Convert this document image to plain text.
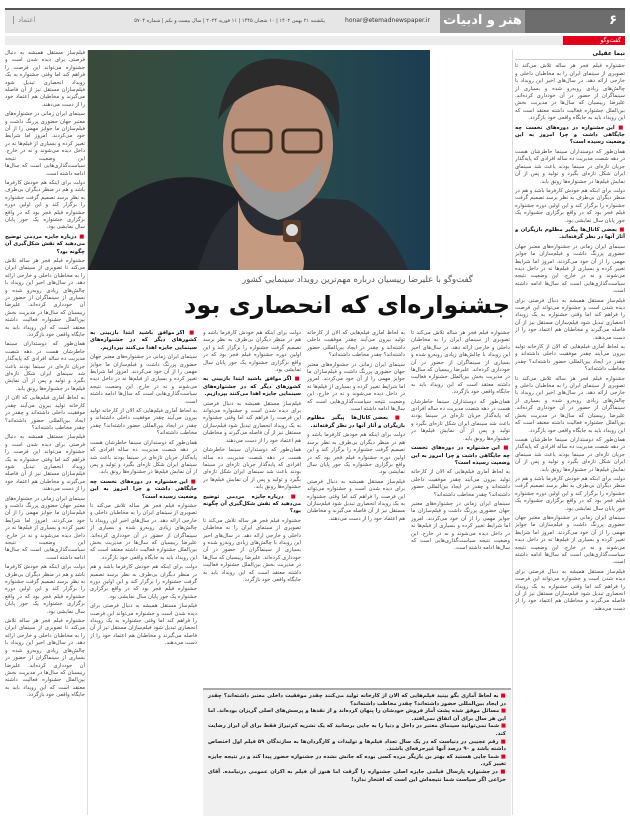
۶
هنر و ادبیات
honar@etemadnewspaper.ir
یکشنبه ۲۱ بهمن ۱۴۰۲ | ۱۰ شعبان ۱۴۴۵ | ۱۱ فوریه ۲۰۲۴ | سال بیست و یکم | شماره ۵۷۰۴
اعتماد
گفت‌وگو
گفت‌وگو با علیرضا رییسیان درباره مهم‌ترین رویداد سینمایی کشور
جشنواره‌ای که انحصاری بود
نیما عقیلی

جشنواره فیلم فجر هر ساله تلاش می‌کند تا تصویری از سینمای ایران را به مخاطبان داخلی و خارجی ارائه دهد. در سال‌های اخیر این رویداد با چالش‌های زیادی روبه‌رو شده و بسیاری از سینماگران از حضور در آن خودداری کرده‌اند. علیرضا رییسیان که سال‌ها در مدیریت بخش بین‌الملل جشنواره فعالیت داشته معتقد است که این رویداد باید به جایگاه واقعی خود بازگردد.

■ این جشنواره در دوره‌های نخست چه جایگاهی داشت و چرا امروز به این وضعیت رسیده است؟

همان‌طور که دوستداران سینما خاطرشان هست در دهه شصت مدیریت ده ساله افرادی که پایه‌گذار جریان تازه‌ای در سینما بودند باعث شد سینمای ایران شکل تازه‌ای بگیرد و تولید و پس از آن نمایش فیلم‌ها در جشنواره‌ها رونق یابد.

دولت برای اینکه هم خودش کارفرما باشد و هم در منظر دیگران بی‌طرف به نظر برسد تصمیم گرفت جشنواره را برگزار کند و این اولین دوره جشنواره فیلم فجر بود که در واقع برگزاری جشنواره یک جور پایان سال نمایشی بود.

■ بعضی کانال‌ها پیگیر مظلوم بازیگران و آثار آنها در نظر گرفته‌اند.

سینمای ایران زمانی در جشنواره‌های معتبر جهان حضوری پررنگ داشت و فیلم‌سازان ما جوایز مهمی را از آن خود می‌کردند. امروز اما شرایط تغییر کرده و بسیاری از فیلم‌ها نه در داخل دیده می‌شوند و نه در خارج. این وضعیت نتیجه سیاست‌گذاری‌هایی است که سال‌ها ادامه داشته است.

فیلم‌ساز مستقل همیشه به دنبال فرصتی برای دیده شدن است و جشنواره می‌تواند این فرصت را فراهم کند اما وقتی جشنواره به یک رویداد انحصاری تبدیل شود فیلم‌سازان مستقل نیز از آن فاصله می‌گیرند و مخاطبان هم اعتماد خود را از دست می‌دهند.

به لحاظ آماری فیلم‌هایی که الان از کارخانه تولید بیرون می‌آیند چقدر موفقیت داخلی داشته‌اند و چقدر در ایجاد بین‌المللی حضور داشته‌اند؟ چقدر مخاطب داشته‌اند؟

جشنواره فیلم فجر هر ساله تلاش می‌کند تا تصویری از سینمای ایران را به مخاطبان داخلی و خارجی ارائه دهد. در سال‌های اخیر این رویداد با چالش‌های زیادی روبه‌رو شده و بسیاری از سینماگران از حضور در آن خودداری کرده‌اند. علیرضا رییسیان که سال‌ها در مدیریت بخش بین‌الملل جشنواره فعالیت داشته معتقد است که این رویداد باید به جایگاه واقعی خود بازگردد.

همان‌طور که دوستداران سینما خاطرشان هست در دهه شصت مدیریت ده ساله افرادی که پایه‌گذار جریان تازه‌ای در سینما بودند باعث شد سینمای ایران شکل تازه‌ای بگیرد و تولید و پس از آن نمایش فیلم‌ها در جشنواره‌ها رونق یابد.

دولت برای اینکه هم خودش کارفرما باشد و هم در منظر دیگران بی‌طرف به نظر برسد تصمیم گرفت جشنواره را برگزار کند و این اولین دوره جشنواره فیلم فجر بود که در واقع برگزاری جشنواره یک جور پایان سال نمایشی بود.

سینمای ایران زمانی در جشنواره‌های معتبر جهان حضوری پررنگ داشت و فیلم‌سازان ما جوایز مهمی را از آن خود می‌کردند. امروز اما شرایط تغییر کرده و بسیاری از فیلم‌ها نه در داخل دیده می‌شوند و نه در خارج. این وضعیت نتیجه سیاست‌گذاری‌هایی است که سال‌ها ادامه داشته است.

فیلم‌ساز مستقل همیشه به دنبال فرصتی برای دیده شدن است و جشنواره می‌تواند این فرصت را فراهم کند اما وقتی جشنواره به یک رویداد انحصاری تبدیل شود فیلم‌سازان مستقل نیز از آن فاصله می‌گیرند و مخاطبان هم اعتماد خود را از دست می‌دهند.

فیلم‌ساز مستقل همیشه به دنبال فرصتی برای دیده شدن است و جشنواره می‌تواند این فرصت را فراهم کند اما وقتی جشنواره به یک رویداد انحصاری تبدیل شود فیلم‌سازان مستقل نیز از آن فاصله می‌گیرند و مخاطبان هم اعتماد خود را از دست می‌دهند.

سینمای ایران زمانی در جشنواره‌های معتبر جهان حضوری پررنگ داشت و فیلم‌سازان ما جوایز مهمی را از آن خود می‌کردند. امروز اما شرایط تغییر کرده و بسیاری از فیلم‌ها نه در داخل دیده می‌شوند و نه در خارج. این وضعیت نتیجه سیاست‌گذاری‌هایی است که سال‌ها ادامه داشته است.

دولت برای اینکه هم خودش کارفرما باشد و هم در منظر دیگران بی‌طرف به نظر برسد تصمیم گرفت جشنواره را برگزار کند و این اولین دوره جشنواره فیلم فجر بود که در واقع برگزاری جشنواره یک جور پایان سال نمایشی بود.

■ درباره جایزه مردمی توضیح می‌دهید که نقش شکل‌گیری آن چگونه بود؟

جشنواره فیلم فجر هر ساله تلاش می‌کند تا تصویری از سینمای ایران را به مخاطبان داخلی و خارجی ارائه دهد. در سال‌های اخیر این رویداد با چالش‌های زیادی روبه‌رو شده و بسیاری از سینماگران از حضور در آن خودداری کرده‌اند. علیرضا رییسیان که سال‌ها در مدیریت بخش بین‌الملل جشنواره فعالیت داشته معتقد است که این رویداد باید به جایگاه واقعی خود بازگردد.

همان‌طور که دوستداران سینما خاطرشان هست در دهه شصت مدیریت ده ساله افرادی که پایه‌گذار جریان تازه‌ای در سینما بودند باعث شد سینمای ایران شکل تازه‌ای بگیرد و تولید و پس از آن نمایش فیلم‌ها در جشنواره‌ها رونق یابد.

به لحاظ آماری فیلم‌هایی که الان از کارخانه تولید بیرون می‌آیند چقدر موفقیت داخلی داشته‌اند و چقدر در ایجاد بین‌المللی حضور داشته‌اند؟ چقدر مخاطب داشته‌اند؟

فیلم‌ساز مستقل همیشه به دنبال فرصتی برای دیده شدن است و جشنواره می‌تواند این فرصت را فراهم کند اما وقتی جشنواره به یک رویداد انحصاری تبدیل شود فیلم‌سازان مستقل نیز از آن فاصله می‌گیرند و مخاطبان هم اعتماد خود را از دست می‌دهند.

سینمای ایران زمانی در جشنواره‌های معتبر جهان حضوری پررنگ داشت و فیلم‌سازان ما جوایز مهمی را از آن خود می‌کردند. امروز اما شرایط تغییر کرده و بسیاری از فیلم‌ها نه در داخل دیده می‌شوند و نه در خارج. این وضعیت نتیجه سیاست‌گذاری‌هایی است که سال‌ها ادامه داشته است.

دولت برای اینکه هم خودش کارفرما باشد و هم در منظر دیگران بی‌طرف به نظر برسد تصمیم گرفت جشنواره را برگزار کند و این اولین دوره جشنواره فیلم فجر بود که در واقع برگزاری جشنواره یک جور پایان سال نمایشی بود.

جشنواره فیلم فجر هر ساله تلاش می‌کند تا تصویری از سینمای ایران را به مخاطبان داخلی و خارجی ارائه دهد. در سال‌های اخیر این رویداد با چالش‌های زیادی روبه‌رو شده و بسیاری از سینماگران از حضور در آن خودداری کرده‌اند. علیرضا رییسیان که سال‌ها در مدیریت بخش بین‌الملل جشنواره فعالیت داشته معتقد است که این رویداد باید به جایگاه واقعی خود بازگردد.

■ اگر موافق باشید ابتدا بازبینی به کشورهای دیگر که در جشنواره‌های سینمایی جایزه اهدا می‌کنند بپردازیم.

سینمای ایران زمانی در جشنواره‌های معتبر جهان حضوری پررنگ داشت و فیلم‌سازان ما جوایز مهمی را از آن خود می‌کردند. امروز اما شرایط تغییر کرده و بسیاری از فیلم‌ها نه در داخل دیده می‌شوند و نه در خارج. این وضعیت نتیجه سیاست‌گذاری‌هایی است که سال‌ها ادامه داشته است.

به لحاظ آماری فیلم‌هایی که الان از کارخانه تولید بیرون می‌آیند چقدر موفقیت داخلی داشته‌اند و چقدر در ایجاد بین‌المللی حضور داشته‌اند؟ چقدر مخاطب داشته‌اند؟

همان‌طور که دوستداران سینما خاطرشان هست در دهه شصت مدیریت ده ساله افرادی که پایه‌گذار جریان تازه‌ای در سینما بودند باعث شد سینمای ایران شکل تازه‌ای بگیرد و تولید و پس از آن نمایش فیلم‌ها در جشنواره‌ها رونق یابد.

■ این جشنواره در دوره‌های نخست چه جایگاهی داشت و چرا امروز به این وضعیت رسیده است؟

جشنواره فیلم فجر هر ساله تلاش می‌کند تا تصویری از سینمای ایران را به مخاطبان داخلی و خارجی ارائه دهد. در سال‌های اخیر این رویداد با چالش‌های زیادی روبه‌رو شده و بسیاری از سینماگران از حضور در آن خودداری کرده‌اند. علیرضا رییسیان که سال‌ها در مدیریت بخش بین‌الملل جشنواره فعالیت داشته معتقد است که این رویداد باید به جایگاه واقعی خود بازگردد.

دولت برای اینکه هم خودش کارفرما باشد و هم در منظر دیگران بی‌طرف به نظر برسد تصمیم گرفت جشنواره را برگزار کند و این اولین دوره جشنواره فیلم فجر بود که در واقع برگزاری جشنواره یک جور پایان سال نمایشی بود.

فیلم‌ساز مستقل همیشه به دنبال فرصتی برای دیده شدن است و جشنواره می‌تواند این فرصت را فراهم کند اما وقتی جشنواره به یک رویداد انحصاری تبدیل شود فیلم‌سازان مستقل نیز از آن فاصله می‌گیرند و مخاطبان هم اعتماد خود را از دست می‌دهند.

دولت برای اینکه هم خودش کارفرما باشد و هم در منظر دیگران بی‌طرف به نظر برسد تصمیم گرفت جشنواره را برگزار کند و این اولین دوره جشنواره فیلم فجر بود که در واقع برگزاری جشنواره یک جور پایان سال نمایشی بود.

■ اگر موافق باشید ابتدا بازبینی به کشورهای دیگر که در جشنواره‌های سینمایی جایزه اهدا می‌کنند بپردازیم.

فیلم‌ساز مستقل همیشه به دنبال فرصتی برای دیده شدن است و جشنواره می‌تواند این فرصت را فراهم کند اما وقتی جشنواره به یک رویداد انحصاری تبدیل شود فیلم‌سازان مستقل نیز از آن فاصله می‌گیرند و مخاطبان هم اعتماد خود را از دست می‌دهند.

همان‌طور که دوستداران سینما خاطرشان هست در دهه شصت مدیریت ده ساله افرادی که پایه‌گذار جریان تازه‌ای در سینما بودند باعث شد سینمای ایران شکل تازه‌ای بگیرد و تولید و پس از آن نمایش فیلم‌ها در جشنواره‌ها رونق یابد.

■ درباره جایزه مردمی توضیح می‌دهید که نقش شکل‌گیری آن چگونه بود؟

جشنواره فیلم فجر هر ساله تلاش می‌کند تا تصویری از سینمای ایران را به مخاطبان داخلی و خارجی ارائه دهد. در سال‌های اخیر این رویداد با چالش‌های زیادی روبه‌رو شده و بسیاری از سینماگران از حضور در آن خودداری کرده‌اند. علیرضا رییسیان که سال‌ها در مدیریت بخش بین‌الملل جشنواره فعالیت داشته معتقد است که این رویداد باید به جایگاه واقعی خود بازگردد.

به لحاظ آماری فیلم‌هایی که الان از کارخانه تولید بیرون می‌آیند چقدر موفقیت داخلی داشته‌اند و چقدر در ایجاد بین‌المللی حضور داشته‌اند؟ چقدر مخاطب داشته‌اند؟

سینمای ایران زمانی در جشنواره‌های معتبر جهان حضوری پررنگ داشت و فیلم‌سازان ما جوایز مهمی را از آن خود می‌کردند. امروز اما شرایط تغییر کرده و بسیاری از فیلم‌ها نه در داخل دیده می‌شوند و نه در خارج. این وضعیت نتیجه سیاست‌گذاری‌هایی است که سال‌ها ادامه داشته است.

■ بعضی کانال‌ها پیگیر مظلوم بازیگران و آثار آنها در نظر گرفته‌اند.

دولت برای اینکه هم خودش کارفرما باشد و هم در منظر دیگران بی‌طرف به نظر برسد تصمیم گرفت جشنواره را برگزار کند و این اولین دوره جشنواره فیلم فجر بود که در واقع برگزاری جشنواره یک جور پایان سال نمایشی بود.

فیلم‌ساز مستقل همیشه به دنبال فرصتی برای دیده شدن است و جشنواره می‌تواند این فرصت را فراهم کند اما وقتی جشنواره به یک رویداد انحصاری تبدیل شود فیلم‌سازان مستقل نیز از آن فاصله می‌گیرند و مخاطبان هم اعتماد خود را از دست می‌دهند.

جشنواره فیلم فجر هر ساله تلاش می‌کند تا تصویری از سینمای ایران را به مخاطبان داخلی و خارجی ارائه دهد. در سال‌های اخیر این رویداد با چالش‌های زیادی روبه‌رو شده و بسیاری از سینماگران از حضور در آن خودداری کرده‌اند. علیرضا رییسیان که سال‌ها در مدیریت بخش بین‌الملل جشنواره فعالیت داشته معتقد است که این رویداد باید به جایگاه واقعی خود بازگردد.

همان‌طور که دوستداران سینما خاطرشان هست در دهه شصت مدیریت ده ساله افرادی که پایه‌گذار جریان تازه‌ای در سینما بودند باعث شد سینمای ایران شکل تازه‌ای بگیرد و تولید و پس از آن نمایش فیلم‌ها در جشنواره‌ها رونق یابد.

■ این جشنواره در دوره‌های نخست چه جایگاهی داشت و چرا امروز به این وضعیت رسیده است؟

به لحاظ آماری فیلم‌هایی که الان از کارخانه تولید بیرون می‌آیند چقدر موفقیت داخلی داشته‌اند و چقدر در ایجاد بین‌المللی حضور داشته‌اند؟ چقدر مخاطب داشته‌اند؟

سینمای ایران زمانی در جشنواره‌های معتبر جهان حضوری پررنگ داشت و فیلم‌سازان ما جوایز مهمی را از آن خود می‌کردند. امروز اما شرایط تغییر کرده و بسیاری از فیلم‌ها نه در داخل دیده می‌شوند و نه در خارج. این وضعیت نتیجه سیاست‌گذاری‌هایی است که سال‌ها ادامه داشته است.

■ به لحاظ آماری بگو بینید فیلم‌هایی که الان از کارخانه تولید می‌کنند چقدر موفقیت داخلی معتبر داشته‌اند؟ چقدر در ایجاد بین‌المللی حضور داشته‌اند؟ چقدر مخاطب داشته‌اند؟

■ مسائل موفق شده پشت آمار فروش خودشان را پنهان کرده‌اند و از نقدها و پرسش‌های اصلی گریزان بوده‌اند. اما این هر سال برای آن اتفاق نمی‌افتد.

■ شما نمی‌توانید سینمای معتبر در داخل و دنیا را به جایی برسانید که یک نشریه کم‌تیراژ فقط برای آن ابراز رضایت کند.

■ رقم عجیبی در دنیاست که در یک سال تعداد فیلم‌ها و تولیدات و کارگردان‌ها به سازندگان ۵۹ فیلم اول اختصاص داشته باشد و ۹۰ درصد آنها غیرحرفه‌ای باشند.

■ شما جایی هستید که بهتر بن بازیگر مرده کسی بوده که جانش نشده در جشنواره حضور پیدا کند و در نتیجه جایزه تغییر کرد.

■ در جشنواره پارسال فیلمی جایزه اصلی جشنواره را گرفت اما هنوز آن فیلم به اکران عمومی درنیامده. آقای خزاعی اگر سیاست شما نتیجه‌اش این است که افتخار ندارد!
